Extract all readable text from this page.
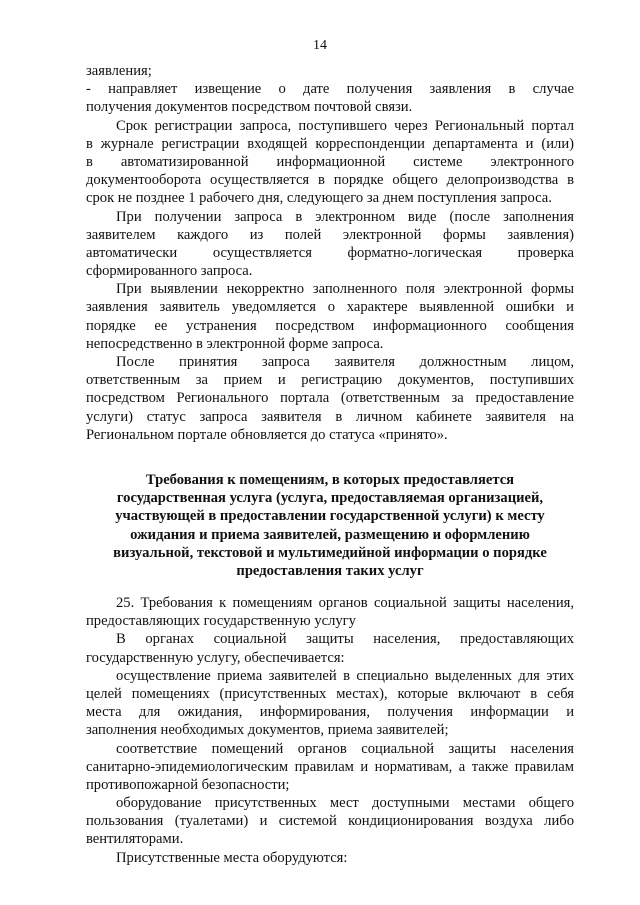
14
заявления;
- направляет извещение о дате получения заявления в случае
получения документов посредством почтовой связи.
Срок регистрации запроса, поступившего через Региональный портал
в журнале регистрации входящей корреспонденции департамента и (или)
в автоматизированной информационной системе электронного
документооборота осуществляется в порядке общего делопроизводства в
срок не позднее 1 рабочего дня, следующего за днем поступления запроса.
При получении запроса в электронном виде (после заполнения
заявителем каждого из полей электронной формы заявления)
автоматически осуществляется форматно-логическая проверка
сформированного запроса.
При выявлении некорректно заполненного поля электронной формы
заявления заявитель уведомляется о характере выявленной ошибки и
порядке ее устранения посредством информационного сообщения
непосредственно в электронной форме запроса.
После принятия запроса заявителя должностным лицом,
ответственным за прием и регистрацию документов, поступивших
посредством Регионального портала (ответственным за предоставление
услуги) статус запроса заявителя в личном кабинете заявителя на
Региональном портале обновляется до статуса «принято».
Требования к помещениям, в которых предоставляется
государственная услуга (услуга, предоставляемая организацией,
участвующей в предоставлении государственной услуги) к месту
ожидания и приема заявителей, размещению и оформлению
визуальной, текстовой и мультимедийной информации о порядке
предоставления таких услуг
25. Требования к помещениям органов социальной защиты населения,
предоставляющих государственную услугу
В органах социальной защиты населения, предоставляющих
государственную услугу, обеспечивается:
осуществление приема заявителей в специально выделенных для этих
целей помещениях (присутственных местах), которые включают в себя
места для ожидания, информирования, получения информации и
заполнения необходимых документов, приема заявителей;
соответствие помещений органов социальной защиты населения
санитарно-эпидемиологическим правилам и нормативам, а также правилам
противопожарной безопасности;
оборудование присутственных мест доступными местами общего
пользования (туалетами) и системой кондиционирования воздуха либо
вентиляторами.
Присутственные места оборудуются:
